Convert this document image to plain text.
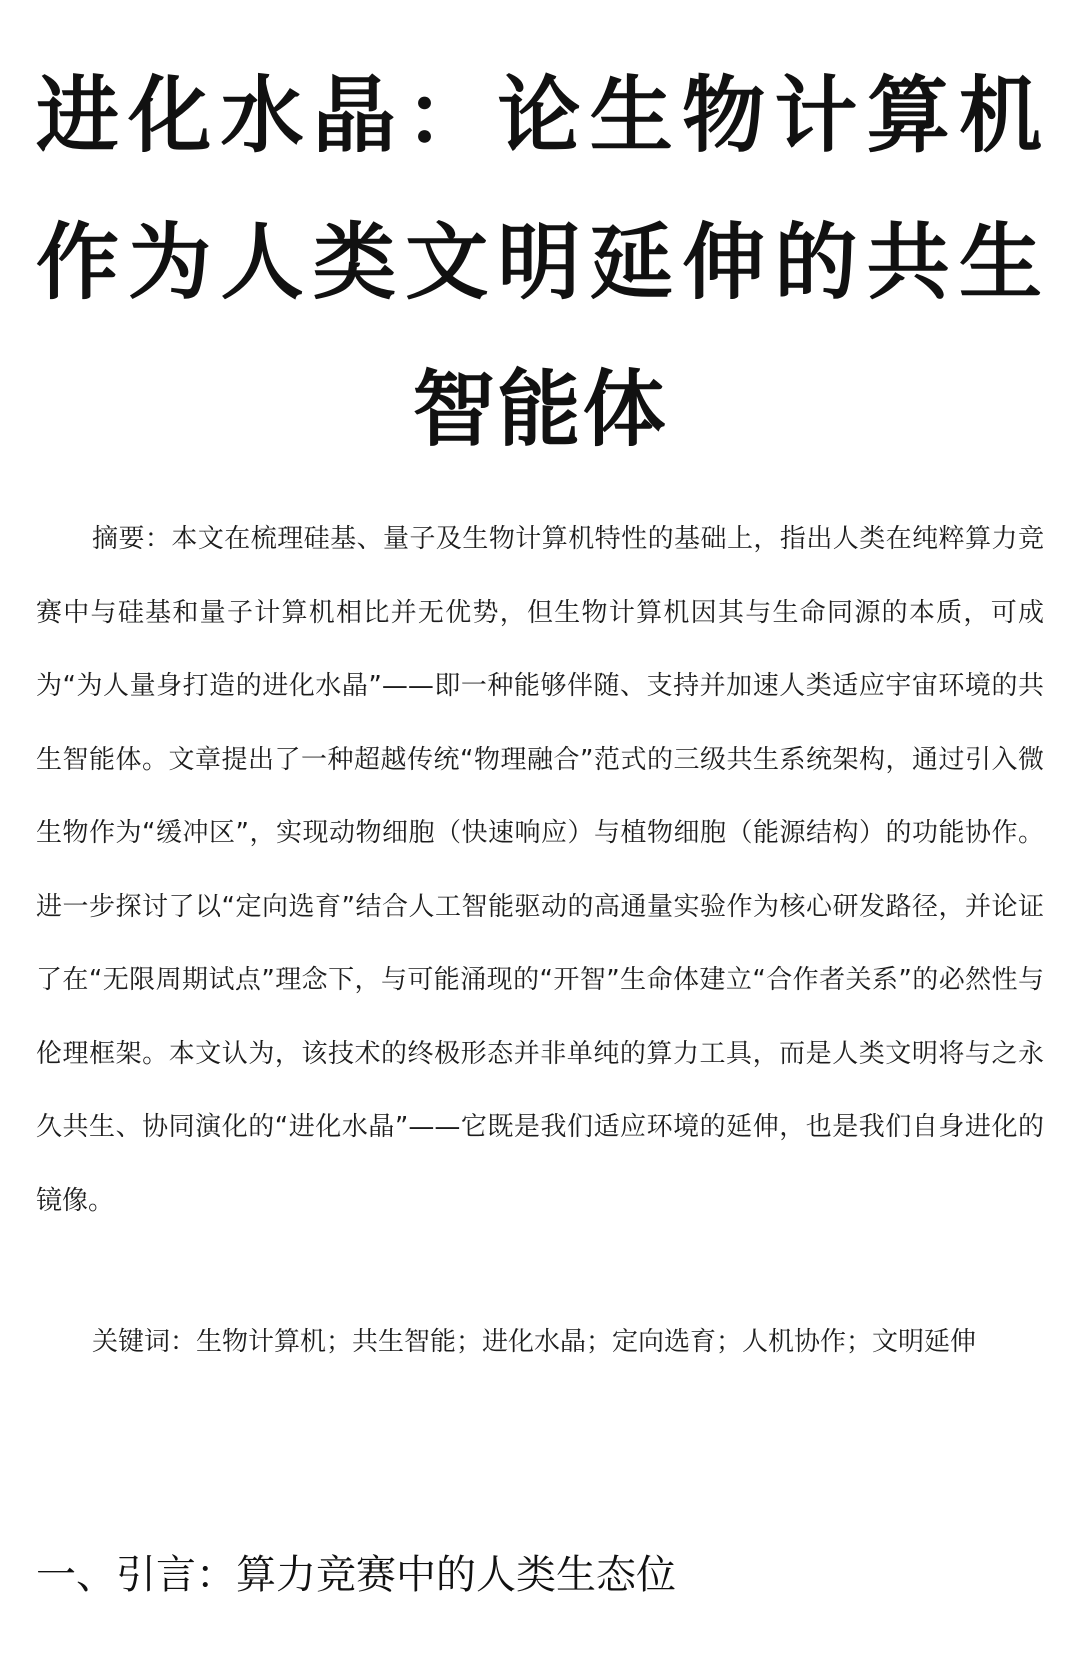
进化水晶：论生物计算机作为人类文明延伸的共生智能体

摘要：本文在梳理硅基、量子及生物计算机特性的基础上，指出人类在纯粹算力竞赛中与硅基和量子计算机相比并无优势，但生物计算机因其与生命同源的本质，可成为“为人量身打造的进化水晶”——即一种能够伴随、支持并加速人类适应宇宙环境的共生智能体。文章提出了一种超越传统“物理融合”范式的三级共生系统架构，通过引入微生物作为“缓冲区”，实现动物细胞（快速响应）与植物细胞（能源结构）的功能协作。进一步探讨了以“定向选育”结合人工智能驱动的高通量实验作为核心研发路径，并论证了在“无限周期试点”理念下，与可能涌现的“开智”生命体建立“合作者关系”的必然性与伦理框架。本文认为，该技术的终极形态并非单纯的算力工具，而是人类文明将与之永久共生、协同演化的“进化水晶”——它既是我们适应环境的延伸，也是我们自身进化的镜像。

关键词：生物计算机；共生智能；进化水晶；定向选育；人机协作；文明延伸

一、引言：算力竞赛中的人类生态位
